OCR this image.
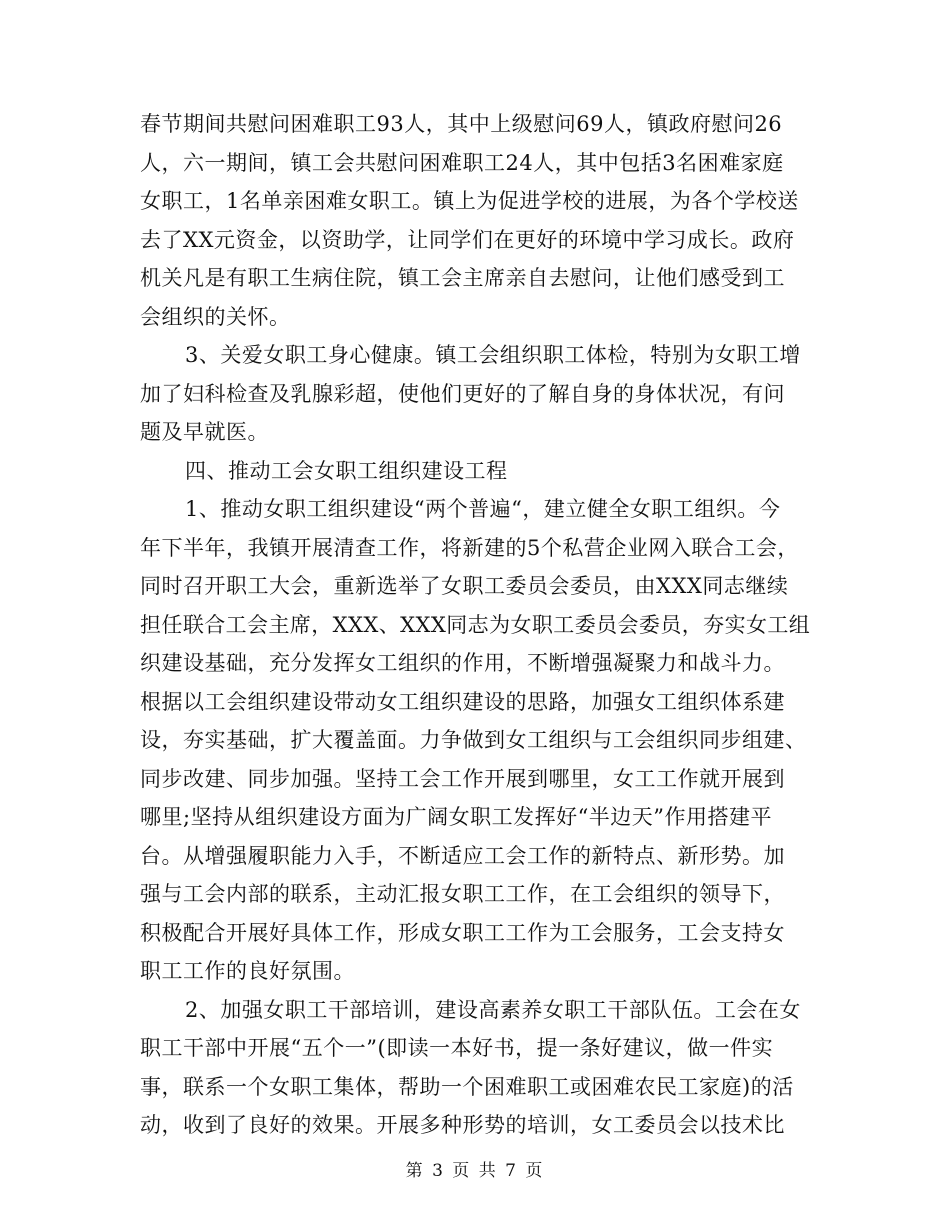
春节期间共慰问困难职工93人，其中上级慰问69人，镇政府慰问26
人，六一期间，镇工会共慰问困难职工24人，其中包括3名困难家庭
女职工，1名单亲困难女职工。镇上为促进学校的进展，为各个学校送
去了XX元资金，以资助学，让同学们在更好的环境中学习成长。政府
机关凡是有职工生病住院，镇工会主席亲自去慰问，让他们感受到工
会组织的关怀。
3、关爱女职工身心健康。镇工会组织职工体检，特别为女职工增
加了妇科检查及乳腺彩超，使他们更好的了解自身的身体状况，有问
题及早就医。
四、推动工会女职工组织建设工程
1、推动女职工组织建设“两个普遍“，建立健全女职工组织。今
年下半年，我镇开展清查工作，将新建的5个私营企业网入联合工会，
同时召开职工大会，重新选举了女职工委员会委员，由XXX同志继续
担任联合工会主席，XXX、XXX同志为女职工委员会委员，夯实女工组
织建设基础，充分发挥女工组织的作用，不断增强凝聚力和战斗力。
根据以工会组织建设带动女工组织建设的思路，加强女工组织体系建
设，夯实基础，扩大覆盖面。力争做到女工组织与工会组织同步组建、
同步改建、同步加强。坚持工会工作开展到哪里，女工工作就开展到
哪里;坚持从组织建设方面为广阔女职工发挥好“半边天”作用搭建平
台。从增强履职能力入手，不断适应工会工作的新特点、新形势。加
强与工会内部的联系，主动汇报女职工工作，在工会组织的领导下，
积极配合开展好具体工作，形成女职工工作为工会服务，工会支持女
职工工作的良好氛围。
2、加强女职工干部培训，建设高素养女职工干部队伍。工会在女
职工干部中开展“五个一”(即读一本好书，提一条好建议，做一件实
事，联系一个女职工集体，帮助一个困难职工或困难农民工家庭)的活
动，收到了良好的效果。开展多种形势的培训，女工委员会以技术比
第 3 页 共 7 页
